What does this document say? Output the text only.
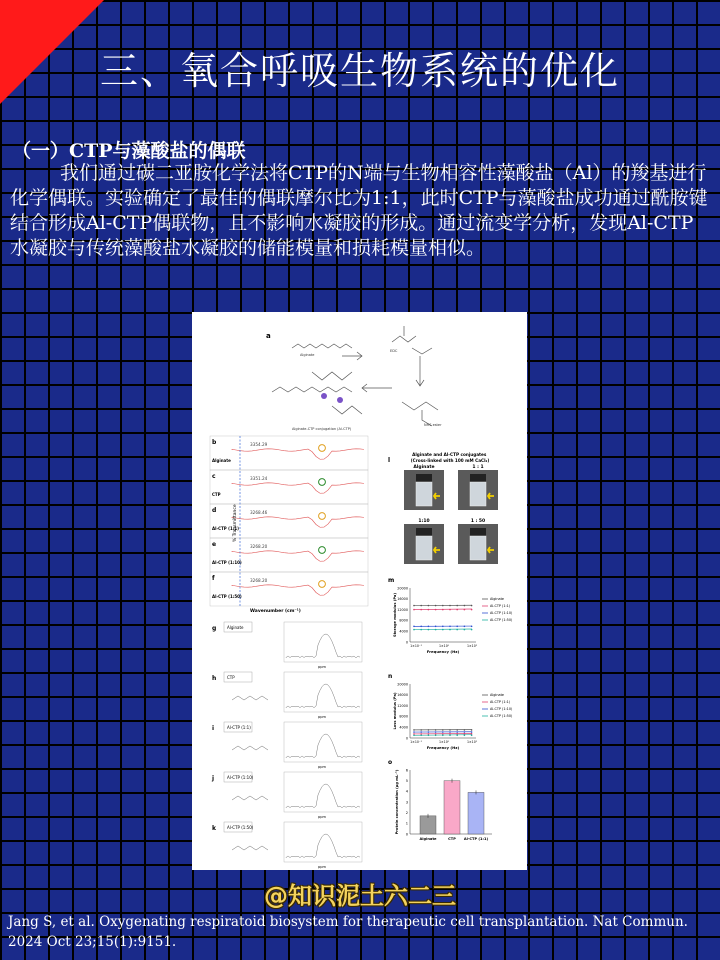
三、氧合呼吸生物系统的优化
（一）CTP与藻酸盐的偶联

我们通过碳二亚胺化学法将CTP的N端与生物相容性藻酸盐（Al）的羧基进行化学偶联。实验确定了最佳的偶联摩尔比为1:1，此时CTP与藻酸盐成功通过酰胺键结合形成Al-CTP偶联物，且不影响水凝胶的形成。通过流变学分析，发现Al-CTP水凝胶与传统藻酸盐水凝胶的储能模量和损耗模量相似。

a
Alginate
Alginate-CTP conjugation (Al-CTP)
EDC
NHS ester
b
Alginate
3354.29
c
CTP
3351.24
d
Al-CTP (1:1)
3268.46
e
Al-CTP (1:10)
3268.20
f
Al-CTP (1:50)
3268.20
% Transmittance
Wavenumber (cm⁻¹)
g	Alginate
ppm
h	CTP
ppm
i	Al-CTP (1:1)
ppm
j	Al-CTP (1:10)
ppm
k	Al-CTP (1:50)
ppm
l
Alginate and Al-CTP conjugates (Cross-linked with 100 mM CaCl₂)
Alginate	1 : 1
1:10	1 : 50
m
20000
16000
12000
8000
4000
0
1×10⁻¹	1×10⁰	1×10¹
Frequency (Hz)
Storage modulus (Pa)	Alginate
Al-CTP (1:1)
Al-CTP (1:10)
Al-CTP (1:50)
n
20000
16000
12000
8000
4000
0
1×10⁻¹	1×10⁰	1×10¹
Frequency (Hz)
Loss modulus (Pa)	Alginate
Al-CTP (1:1)
Al-CTP (1:10)
Al-CTP (1:50)
o
6
5
4
3
2
1
0
Protein concentration (μg mL⁻¹)
Alginate	CTP Al-CTP (1:1)
@知识泥土六二三

Jang S, et al. Oxygenating respiratoid biosystem for therapeutic cell transplantation. Nat Commun. 2024 Oct 23;15(1):9151.
